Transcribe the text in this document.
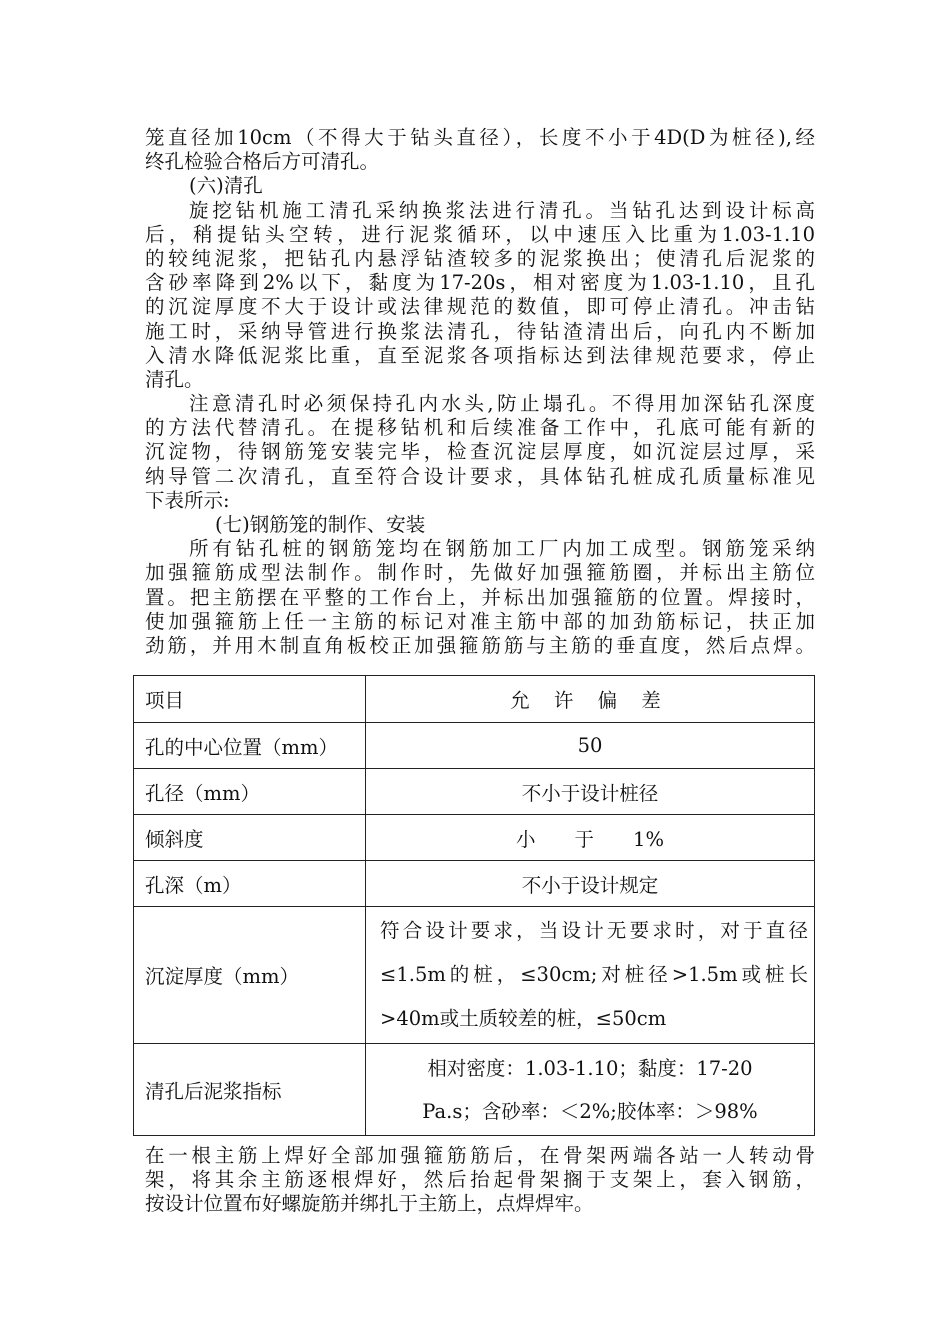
笼直径加10cm（不得大于钻头直径），长度不小于4D(D为桩径),经
终孔检验合格后方可清孔。
(六)清孔
旋挖钻机施工清孔采纳换浆法进行清孔。当钻孔达到设计标高
后，稍提钻头空转，进行泥浆循环，以中速压入比重为1.03-1.10
的较纯泥浆，把钻孔内悬浮钻渣较多的泥浆换出；使清孔后泥浆的
含砂率降到2%以下，黏度为17-20s，相对密度为1.03-1.10，且孔
的沉淀厚度不大于设计或法律规范的数值，即可停止清孔。冲击钻
施工时，采纳导管进行换浆法清孔，待钻渣清出后，向孔内不断加
入清水降低泥浆比重，直至泥浆各项指标达到法律规范要求，停止
清孔。
注意清孔时必须保持孔内水头,防止塌孔。不得用加深钻孔深度
的方法代替清孔。在提移钻机和后续准备工作中，孔底可能有新的
沉淀物，待钢筋笼安装完毕，检查沉淀层厚度，如沉淀层过厚，采
纳导管二次清孔，直至符合设计要求，具体钻孔桩成孔质量标准见
下表所示:
(七)钢筋笼的制作、安装
所有钻孔桩的钢筋笼均在钢筋加工厂内加工成型。钢筋笼采纳
加强箍筋成型法制作。制作时，先做好加强箍筋圈，并标出主筋位
置。把主筋摆在平整的工作台上，并标出加强箍筋的位置。焊接时，
使加强箍筋上任一主筋的标记对准主筋中部的加劲筋标记，扶正加
劲筋，并用木制直角板校正加强箍筋筋与主筋的垂直度，然后点焊。
项目	允 许 偏 差
孔的中心位置（mm）	50
孔径（mm）	不小于设计桩径
倾斜度	小　　于　　1%
孔深（m）	不小于设计规定
沉淀厚度（mm）	符合设计要求，当设计无要求时，对于直径
≤1.5m的桩，≤30cm;对桩径>1.5m或桩长
>40m或土质较差的桩，≤50cm

清孔后泥浆指标	相对密度：1.03-1.10；黏度：17-20
Pa.s；含砂率：＜2%;胶体率：＞98%
在一根主筋上焊好全部加强箍筋筋后，在骨架两端各站一人转动骨
架，将其余主筋逐根焊好，然后抬起骨架搁于支架上，套入钢筋，
按设计位置布好螺旋筋并绑扎于主筋上，点焊焊牢。
